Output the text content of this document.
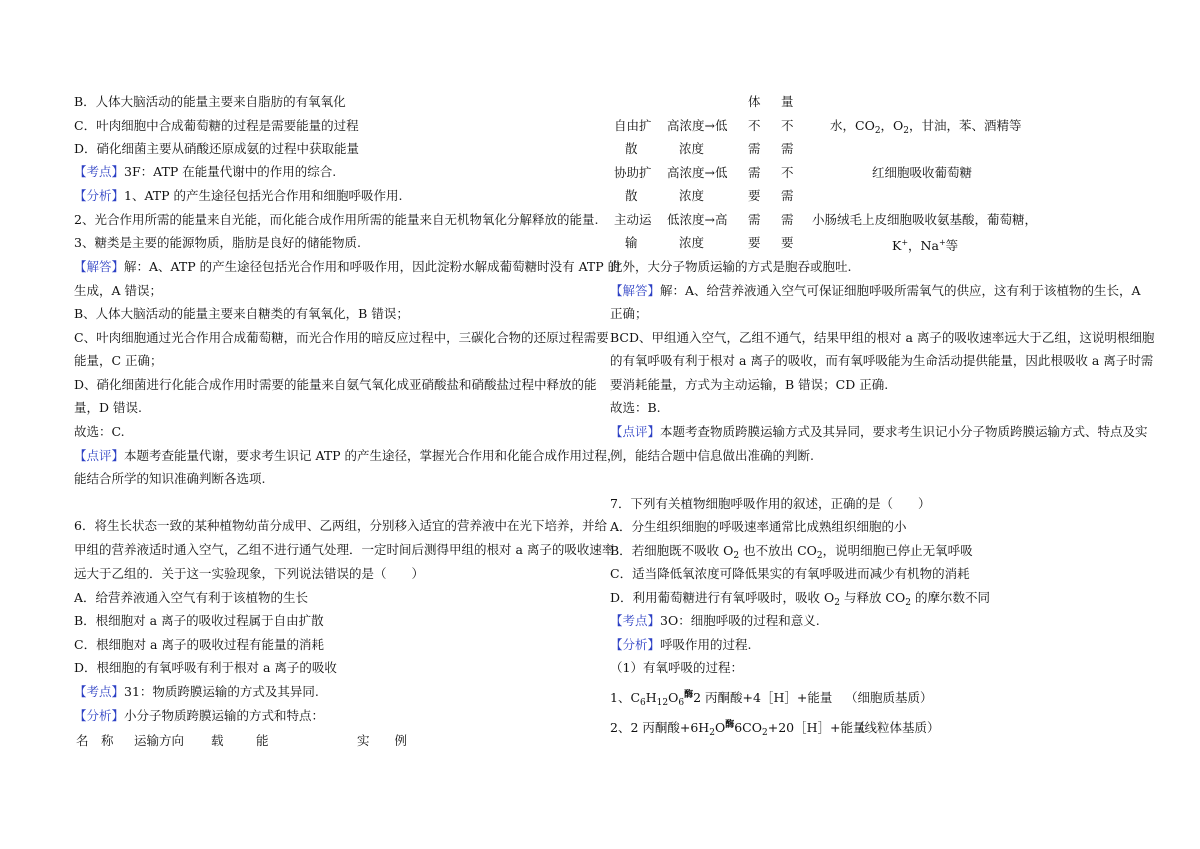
B．人体大脑活动的能量主要来自脂肪的有氧氧化
C．叶肉细胞中合成葡萄糖的过程是需要能量的过程
D．硝化细菌主要从硝酸还原成氨的过程中获取能量
【考点】3F：ATP 在能量代谢中的作用的综合.
【分析】1、ATP 的产生途径包括光合作用和细胞呼吸作用.
2、光合作用所需的能量来自光能，而化能合成作用所需的能量来自无机物氧化分解释放的能量.
3、糖类是主要的能源物质，脂肪是良好的储能物质.
【解答】解：A、ATP 的产生途径包括光合作用和呼吸作用，因此淀粉水解成葡萄糖时没有 ATP 的
生成，A 错误；
B、人体大脑活动的能量主要来自糖类的有氧氧化，B 错误；
C、叶肉细胞通过光合作用合成葡萄糖，而光合作用的暗反应过程中，三碳化合物的还原过程需要
能量，C 正确；
D、硝化细菌进行化能合成作用时需要的能量来自氨气氧化成亚硝酸盐和硝酸盐过程中释放的能
量，D 错误.
故选：C.
【点评】本题考查能量代谢，要求考生识记 ATP 的产生途径，掌握光合作用和化能合成作用过程，
能结合所学的知识准确判断各选项.
6．将生长状态一致的某种植物幼苗分成甲、乙两组，分别移入适宜的营养液中在光下培养，并给
甲组的营养液适时通入空气，乙组不进行通气处理．一定时间后测得甲组的根对 a 离子的吸收速率
远大于乙组的．关于这一实验现象，下列说法错误的是（　　）
A．给营养液通入空气有利于该植物的生长
B．根细胞对 a 离子的吸收过程属于自由扩散
C．根细胞对 a 离子的吸收过程有能量的消耗
D．根细胞的有氧呼吸有利于根对 a 离子的吸收
【考点】31：物质跨膜运输的方式及其异同.
【分析】小分子物质跨膜运输的方式和特点：
名　称 运输方向 载	能	实　　例
体 量
自由扩
散
高浓度→低
浓度
不
需
不
需
水，$CO_2$，$O_2$，甘油，苯、酒精等
协助扩
散
高浓度→低
浓度
需
要
不
需
红细胞吸收葡萄糖
主动运
输
低浓度→高
浓度
需
要
需
要
小肠绒毛上皮细胞吸收氨基酸，葡萄糖，
K+，Na+等
此外，大分子物质运输的方式是胞吞或胞吐.
【解答】解：A、给营养液通入空气可保证细胞呼吸所需氧气的供应，这有利于该植物的生长，A
正确；
BCD、甲组通入空气，乙组不通气，结果甲组的根对 a 离子的吸收速率远大于乙组，这说明根细胞
的有氧呼吸有利于根对 a 离子的吸收，而有氧呼吸能为生命活动提供能量，因此根吸收 a 离子时需
要消耗能量，方式为主动运输，B 错误；CD 正确.
故选：B.
【点评】本题考查物质跨膜运输方式及其异同，要求考生识记小分子物质跨膜运输方式、特点及实
例，能结合题中信息做出准确的判断.
7．下列有关植物细胞呼吸作用的叙述，正确的是（　　）
A．分生组织细胞的呼吸速率通常比成熟组织细胞的小
B．若细胞既不吸收 $O_2$ 也不放出 $CO_2$，说明细胞已停止无氧呼吸
C．适当降低氧浓度可降低果实的有氧呼吸进而减少有机物的消耗
D．利用葡萄糖进行有氧呼吸时，吸收 $O_2$ 与释放 $CO_2$ 的摩尔数不同
【考点】3O：细胞呼吸的过程和意义.
【分析】呼吸作用的过程.
（1）有氧呼吸的过程：
1、$C_6H_{12}O_6^酶2$ 丙酮酸+4［H］+能量 （细胞质基质）
2、2 丙酮酸$+6H_2O^酶6CO_2+20[H]+$能量
（线粒体基质）
